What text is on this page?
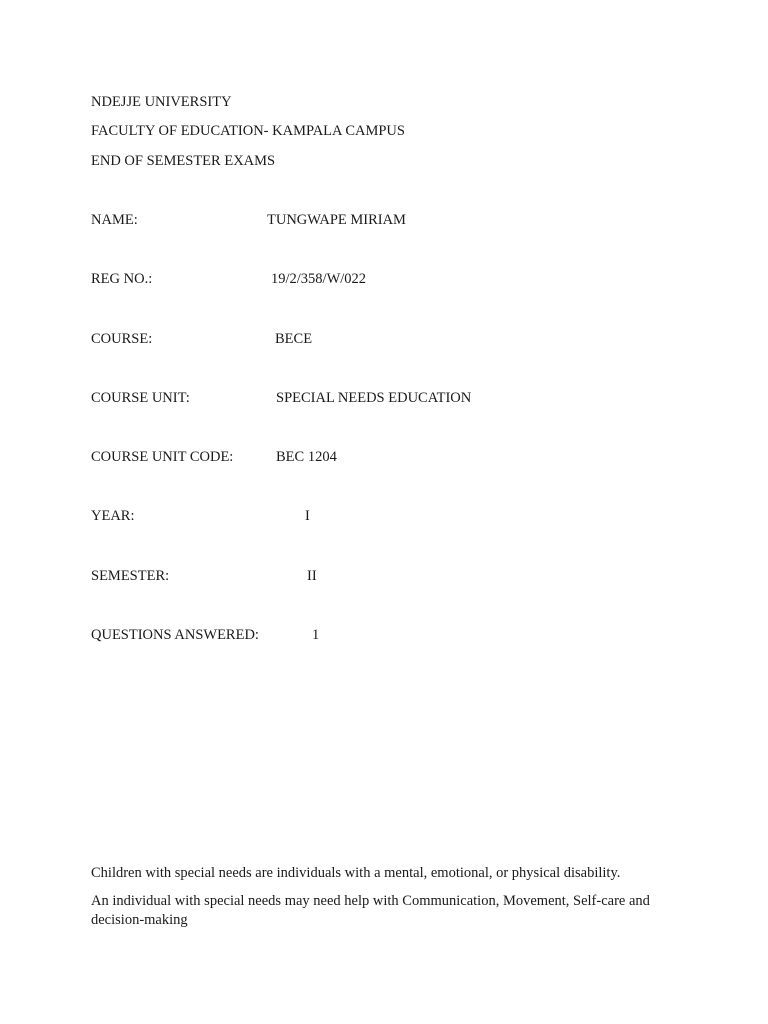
NDEJJE UNIVERSITY
FACULTY OF EDUCATION- KAMPALA CAMPUS
END OF SEMESTER EXAMS
NAME:	TUNGWAPE MIRIAM
REG NO.:	19/2/358/W/022
COURSE:	BECE
COURSE UNIT:	SPECIAL NEEDS EDUCATION
COURSE UNIT CODE:	BEC 1204
YEAR:	I
SEMESTER:	II
QUESTIONS ANSWERED:	1
Children with special needs are individuals with a mental, emotional, or physical disability.
An individual with special needs may need help with Communication, Movement, Self-care and decision-making
